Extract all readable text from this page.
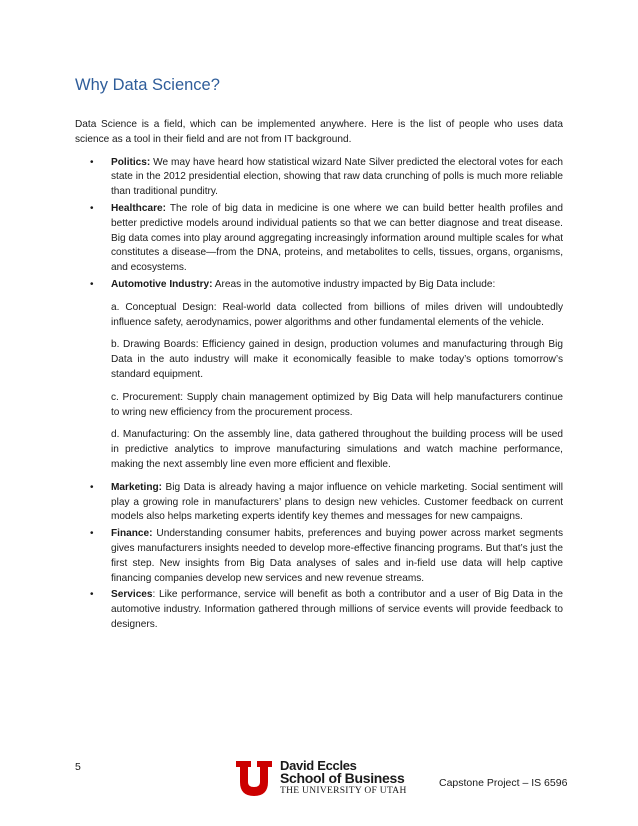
Why Data Science?

Data Science is a field, which can be implemented anywhere. Here is the list of people who uses data science as a tool in their field and are not from IT background.

• Politics: We may have heard how statistical wizard Nate Silver predicted the electoral votes for each state in the 2012 presidential election, showing that raw data crunching of polls is much more reliable than traditional punditry.
• Healthcare: The role of big data in medicine is one where we can build better health profiles and better predictive models around individual patients so that we can better diagnose and treat disease. Big data comes into play around aggregating increasingly information around multiple scales for what constitutes a disease—from the DNA, proteins, and metabolites to cells, tissues, organs, organisms, and ecosystems.
• Automotive Industry: Areas in the automotive industry impacted by Big Data include:

a. Conceptual Design: Real-world data collected from billions of miles driven will undoubtedly influence safety, aerodynamics, power algorithms and other fundamental elements of the vehicle.

b. Drawing Boards: Efficiency gained in design, production volumes and manufacturing through Big Data in the auto industry will make it economically feasible to make today’s options tomorrow’s standard equipment.

c. Procurement: Supply chain management optimized by Big Data will help manufacturers continue to wring new efficiency from the procurement process.

d. Manufacturing: On the assembly line, data gathered throughout the building process will be used in predictive analytics to improve manufacturing simulations and watch machine performance, making the next assembly line even more efficient and flexible.

• Marketing: Big Data is already having a major influence on vehicle marketing. Social sentiment will play a growing role in manufacturers’ plans to design new vehicles. Customer feedback on current models also helps marketing experts identify key themes and messages for new campaigns.
• Finance: Understanding consumer habits, preferences and buying power across market segments gives manufacturers insights needed to develop more-effective financing programs. But that’s just the first step. New insights from Big Data analyses of sales and in-field use data will help captive financing companies develop new services and new revenue streams.
• Services: Like performance, service will benefit as both a contributor and a user of Big Data in the automotive industry. Information gathered through millions of service events will provide feedback to designers.
5	David Eccles
School of Business
THE UNIVERSITY OF UTAH
Capstone Project – IS 6596
